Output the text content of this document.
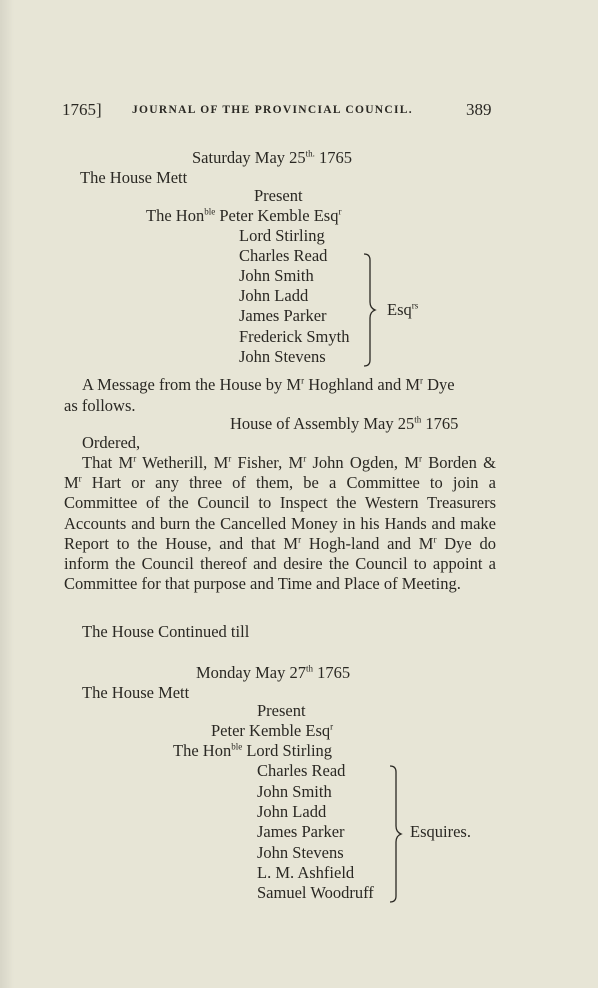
1765]	JOURNAL OF THE PROVINCIAL COUNCIL.	389
Saturday May $25^{th.}$ 1765
The House Mett
Present
The Hon$^{ble}$ Peter Kemble Esq$^r$
Lord Stirling
Charles Read
John Smith
John Ladd
James Parker
Frederick Smyth
John Stevens
Esq$^{rs}$
A Message from the House by $M^r$ Hoghland and $M^r$ Dye
as follows.
House of Assembly May 25th 1765
Ordered,
That $M^r$ Wetherill, $M^r$ Fisher, $M^r$ John Ogden, $M^r$ Borden & $M^r$ Hart or any three of them, be a Committee to join a Committee of the Council to Inspect the Western Treasurers Accounts and burn the Cancelled Money in his Hands and make Report to the House, and that $M^r$ Hogh-land and $M^r$ Dye do inform the Council thereof and desire the Council to appoint a Committee for that purpose and Time and Place of Meeting.
The House Continued till
Monday May 27th 1765
The House Mett
Present
Peter Kemble Esq$^r$
The Hon$^{ble}$ Lord Stirling
Charles Read
John Smith
John Ladd
James Parker
John Stevens
L. M. Ashfield
Samuel Woodruff
Esquires.
